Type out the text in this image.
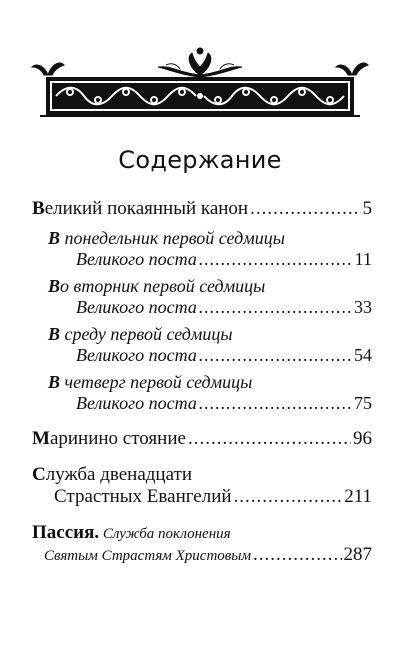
Содержание
Великий покаянный канон .....	5
В понедельник первой седмицы
Великого поста .....	11
Во вторник первой седмицы
Великого поста .....	33
В среду первой седмицы
Великого поста .....	54
В четверг первой седмицы
Великого поста .....	75
Маринино стояние .....	96
Служба двенадцати
Страстных Евангелий .....	211
Пассия. Служба поклонения
Святым Страстям Христовым .....	287
